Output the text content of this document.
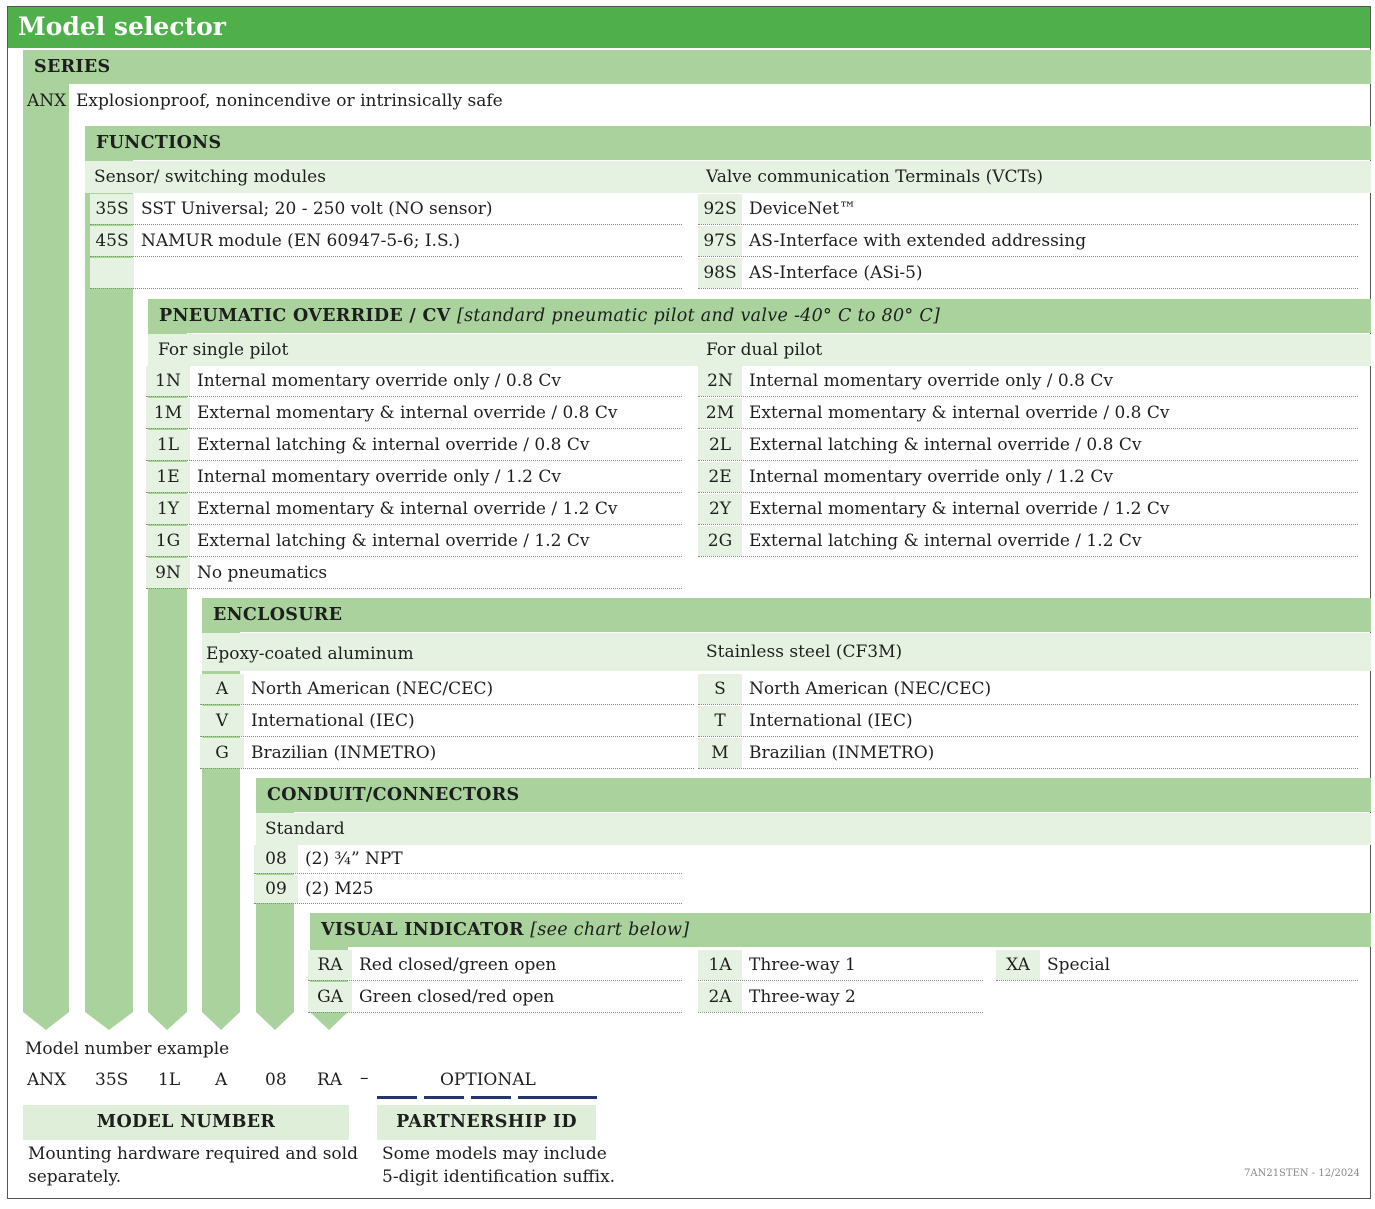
Model selector
SERIES
ANX Explosionproof, nonincendive or intrinsically safe
FUNCTIONS
Sensor/ switching modules	Valve communication Terminals (VCTs)
35S SST Universal; 20 - 250 volt (NO sensor)
45S NAMUR module (EN 60947-5-6; I.S.)
92S DeviceNet™
97S AS-Interface with extended addressing
98S AS-Interface (ASi-5)
PNEUMATIC OVERRIDE / CV [standard pneumatic pilot and valve -40° C to 80° C]
For single pilot	For dual pilot
1N Internal momentary override only / 0.8 Cv
1M External momentary & internal override / 0.8 Cv
1L	External latching & internal override / 0.8 Cv
1E	Internal momentary override only / 1.2 Cv
1Y	External momentary & internal override / 1.2 Cv
1G External latching & internal override / 1.2 Cv
9N No pneumatics
2N Internal momentary override only / 0.8 Cv
2M External momentary & internal override / 0.8 Cv
2L	External latching & internal override / 0.8 Cv
2E	Internal momentary override only / 1.2 Cv
2Y	External momentary & internal override / 1.2 Cv
2G External latching & internal override / 1.2 Cv
ENCLOSURE
Epoxy-coated aluminum	Stainless steel (CF3M)
A	North American (NEC/CEC)
V	International (IEC)
G	Brazilian (INMETRO)
S	North American (NEC/CEC)
T	International (IEC)
M	Brazilian (INMETRO)
CONDUIT/CONNECTORS
Standard
08	(2) ¾” NPT
09	(2) M25
VISUAL INDICATOR [see chart below]
RA Red closed/green open
GA Green closed/red open
1A	Three-way 1
2A	Three-way 2
XA	Special
Model number example
ANX 35S 1L A 08 RA –	OPTIONAL
MODEL NUMBER	PARTNERSHIP ID
Mounting hardware required and sold
separately.
Some models may include
5-digit identification suffix.	7AN21STEN - 12/2024
